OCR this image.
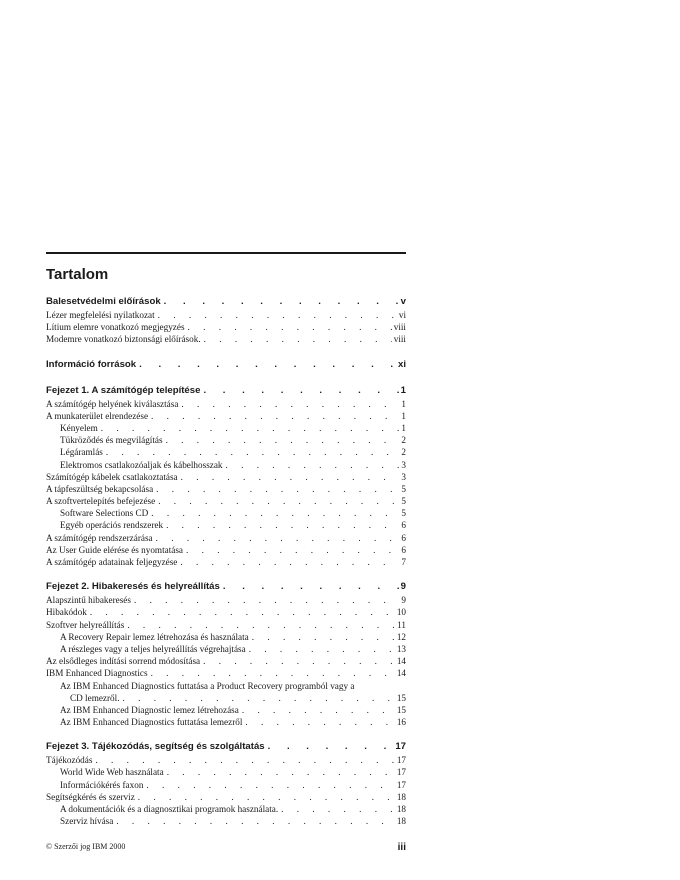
Tartalom
Balesetvédelmi előírások . . .	v
Lézer megfelelési nyilatkozat . . .	vi
Lítium elemre vonatkozó megjegyzés . . .	viii
Modemre vonatkozó biztonsági előírások. . . .	viii
Információ források . . .	xi
Fejezet 1. A számítógép telepítése . . .	1
A számítógép helyének kiválasztása . . .	1
A munkaterület elrendezése . . .	1
Kényelem . . .	1
Tükröződés és megvilágítás . . .	2
Légáramlás . . .	2
Elektromos csatlakozóaljak és kábelhosszak . . .	3
Számítógép kábelek csatlakoztatása . . .	3
A tápfeszültség bekapcsolása . . .	5
A szoftvertelepítés befejezése . . .	5
Software Selections CD . . .	5
Egyéb operációs rendszerek . . .	6
A számítógép rendszerzárása . . .	6
Az User Guide elérése és nyomtatása . . .	6
A számítógép adatainak feljegyzése . . .	7
Fejezet 2. Hibakeresés és helyreállítás . . .	9
Alapszintű hibakeresés . . .	9
Hibakódok . . .	10
Szoftver helyreállítás . . .	11
A Recovery Repair lemez létrehozása és használata . . .	12
A részleges vagy a teljes helyreállítás végrehajtása . . .	13
Az elsődleges indítási sorrend módosítása . . .	14
IBM Enhanced Diagnostics . . .	14
Az IBM Enhanced Diagnostics futtatása a Product Recovery programból vagy a
CD lemezről. . . .	15
Az IBM Enhanced Diagnostic lemez létrehozása . . .	15
Az IBM Enhanced Diagnostics futtatása lemezről . . .	16
Fejezet 3. Tájékozódás, segítség és szolgáltatás . . .	17
Tájékozódás . . .	17
World Wide Web használata . . .	17
Információkérés faxon . . .	17
Segítségkérés és szerviz . . .	18
A dokumentációk és a diagnosztikai programok használata. . . .	18
Szerviz hívása . . .	18
© Szerzői jog IBM 2000	iii
